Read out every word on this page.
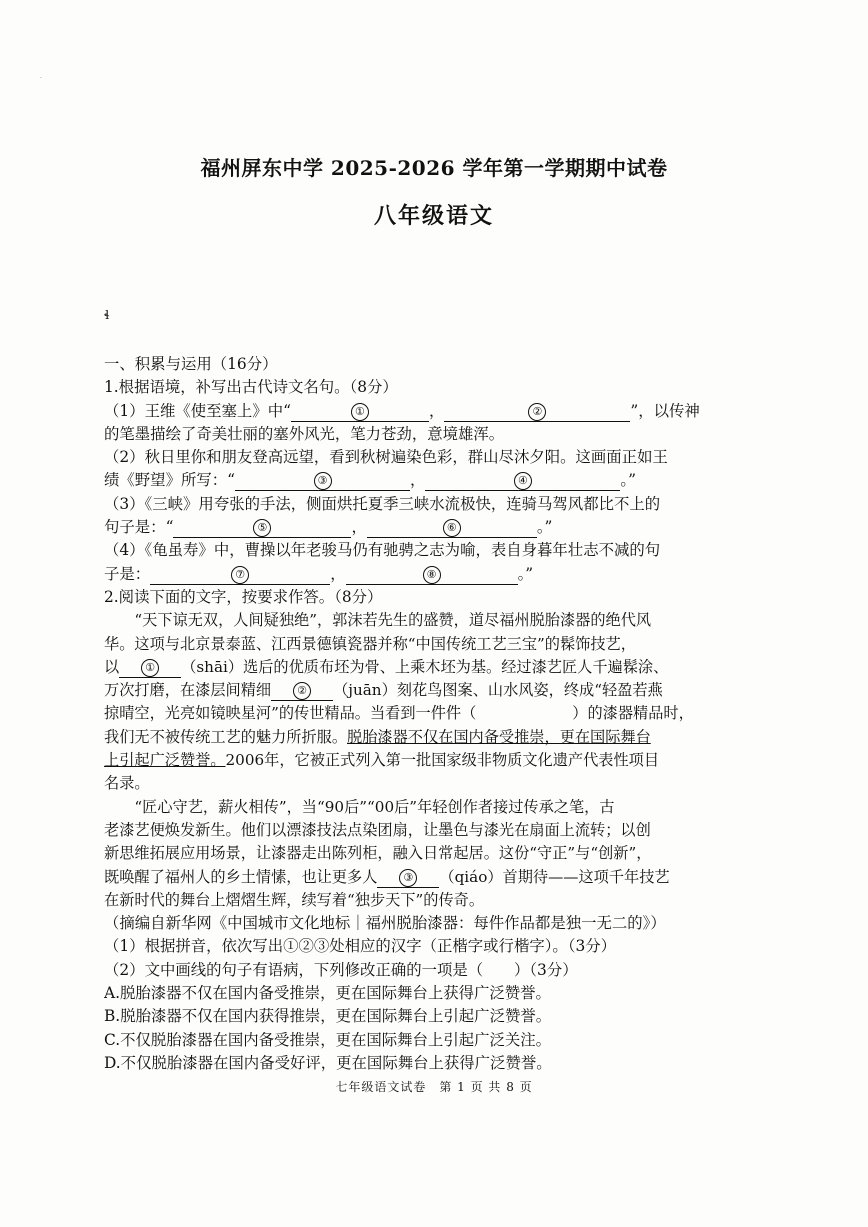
·
福州屏东中学 2025-2026 学年第一学期期中试卷
八年级语文
ɬ
一、积累与运用（16分）
1.根据语境，补写出古代诗文名句。（8分）
（1）王维《使至塞上》中“	①	，	②	”，以传神
的笔墨描绘了奇美壮丽的塞外风光，笔力苍劲，意境雄浑。
（2）秋日里你和朋友登高远望，看到秋树遍染色彩，群山尽沐夕阳。这画面正如王
绩《野望》所写：“	③	，	④	。”
（3）《三峡》用夸张的手法，侧面烘托夏季三峡水流极快，连骑马驾风都比不上的
句子是：“	⑤	，	⑥	。”
（4）《龟虽寿》中，曹操以年老骏马仍有驰骋之志为喻，表自身暮年壮志不减的句
子是：	⑦	，	⑧	。”
2.阅读下面的文字，按要求作答。（8分）
“天下谅无双，人间疑独绝”，郭沫若先生的盛赞，道尽福州脱胎漆器的绝代风
华。这项与北京景泰蓝、江西景德镇瓷器并称“中国传统工艺三宝”的髹饰技艺，
以 ① （shāi）选后的优质布坯为骨、上乘木坯为基。经过漆艺匠人千遍髹涂、
万次打磨，在漆层间精细 ② （juān）刻花鸟图案、山水风姿，终成“轻盈若燕
掠晴空，光亮如镜映星河”的传世精品。当看到一件件（	）的漆器精品时，
我们无不被传统工艺的魅力所折服。脱胎漆器不仅在国内备受推崇，更在国际舞台
上引起广泛赞誉。2006年，它被正式列入第一批国家级非物质文化遗产代表性项目
名录。
“匠心守艺，薪火相传”，当“90后”“00后”年轻创作者接过传承之笔，古
老漆艺便焕发新生。他们以漂漆技法点染团扇，让墨色与漆光在扇面上流转；以创
新思维拓展应用场景，让漆器走出陈列柜，融入日常起居。这份“守正”与“创新”，
既唤醒了福州人的乡土情愫，也让更多人 ③ （qiáo）首期待——这项千年技艺
在新时代的舞台上熠熠生辉，续写着“独步天下”的传奇。
（摘编自新华网《中国城市文化地标｜福州脱胎漆器：每件作品都是独一无二的》）
（1）根据拼音，依次写出①②③处相应的汉字（正楷字或行楷字）。（3分）
（2）文中画线的句子有语病，下列修改正确的一项是（　　）（3分）
A.脱胎漆器不仅在国内备受推崇，更在国际舞台上获得广泛赞誉。
B.脱胎漆器不仅在国内获得推崇，更在国际舞台上引起广泛赞誉。
C.不仅脱胎漆器在国内备受推崇，更在国际舞台上引起广泛关注。
D.不仅脱胎漆器在国内备受好评，更在国际舞台上获得广泛赞誉。
七年级语文试卷　第 1 页 共 8 页
